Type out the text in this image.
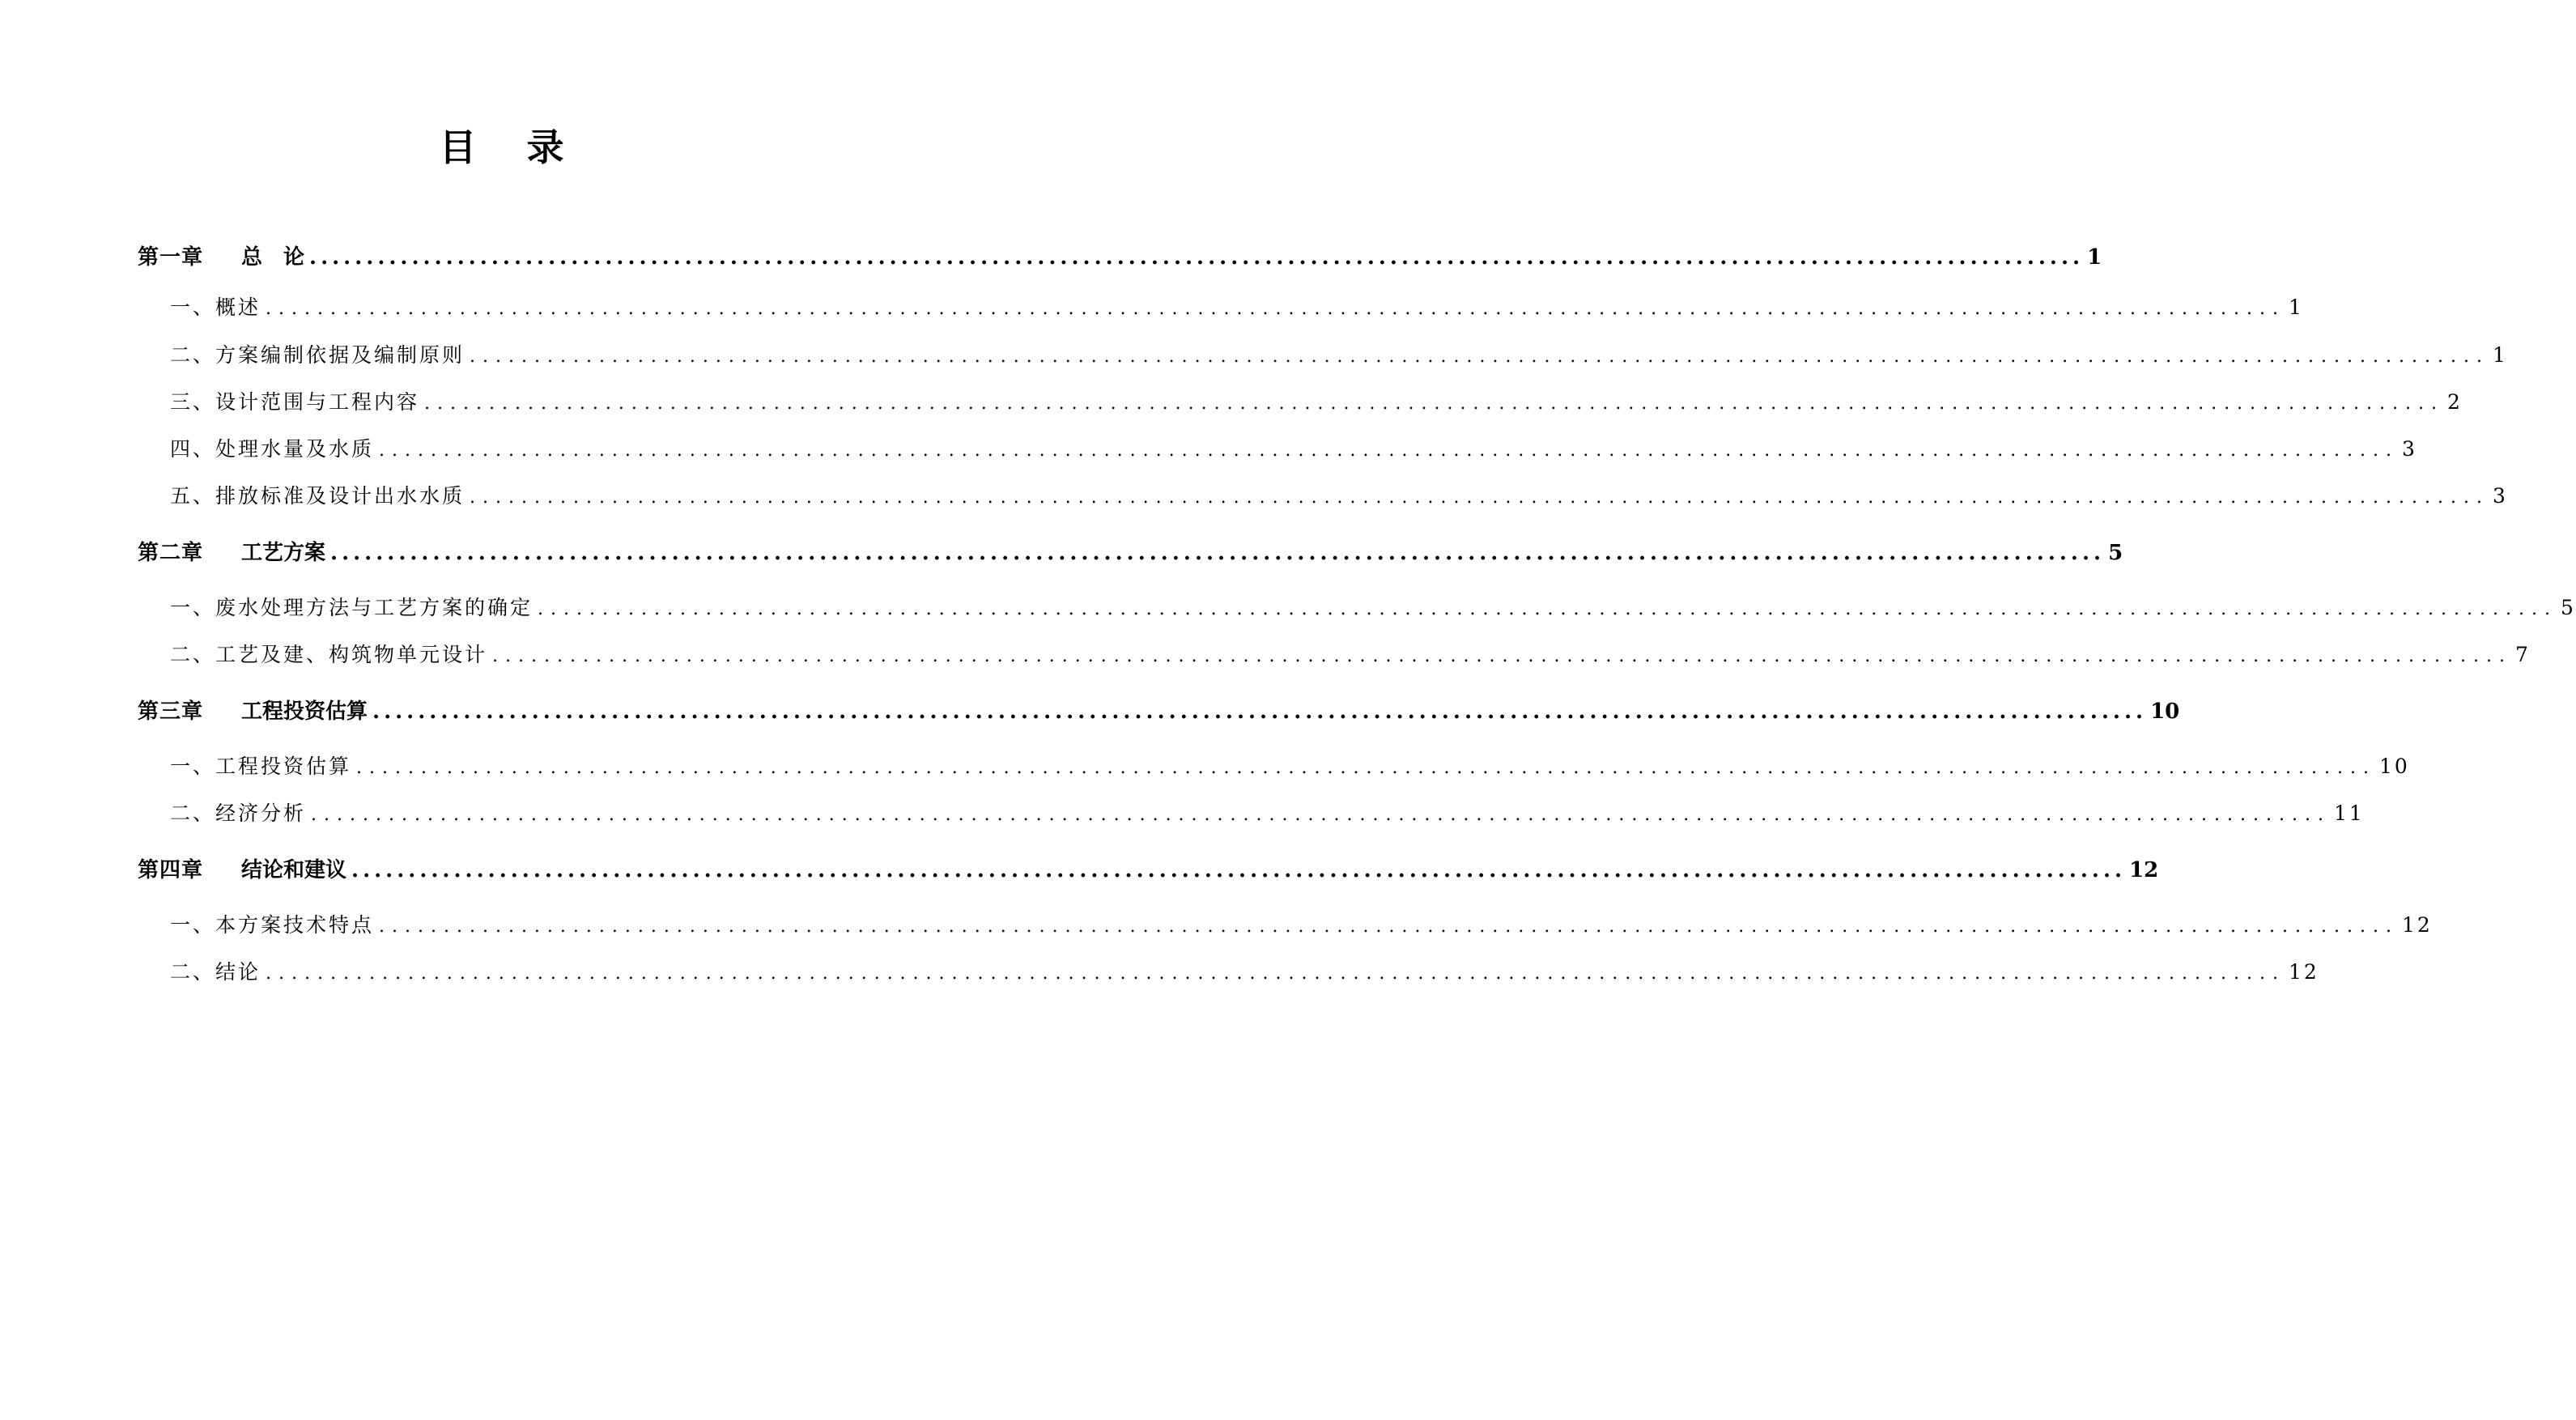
目 录
第一章 总　论 ............................................................................................................................................................ 1
一、概述 ............................................................................................................................................................ 1
二、方案编制依据及编制原则 ............................................................................................................................................................ 1
三、设计范围与工程内容 ............................................................................................................................................................ 2
四、处理水量及水质 ............................................................................................................................................................ 3
五、排放标准及设计出水水质 ............................................................................................................................................................ 3
第二章 工艺方案 ............................................................................................................................................................ 5
一、废水处理方法与工艺方案的确定 ............................................................................................................................................................ 5
二、工艺及建、构筑物单元设计 ............................................................................................................................................................ 7
第三章 工程投资估算 ............................................................................................................................................................ 10
一、工程投资估算 ............................................................................................................................................................ 10
二、经济分析 ............................................................................................................................................................ 11
第四章 结论和建议 ............................................................................................................................................................ 12
一、本方案技术特点 ............................................................................................................................................................ 12
二、结论 ............................................................................................................................................................ 12
